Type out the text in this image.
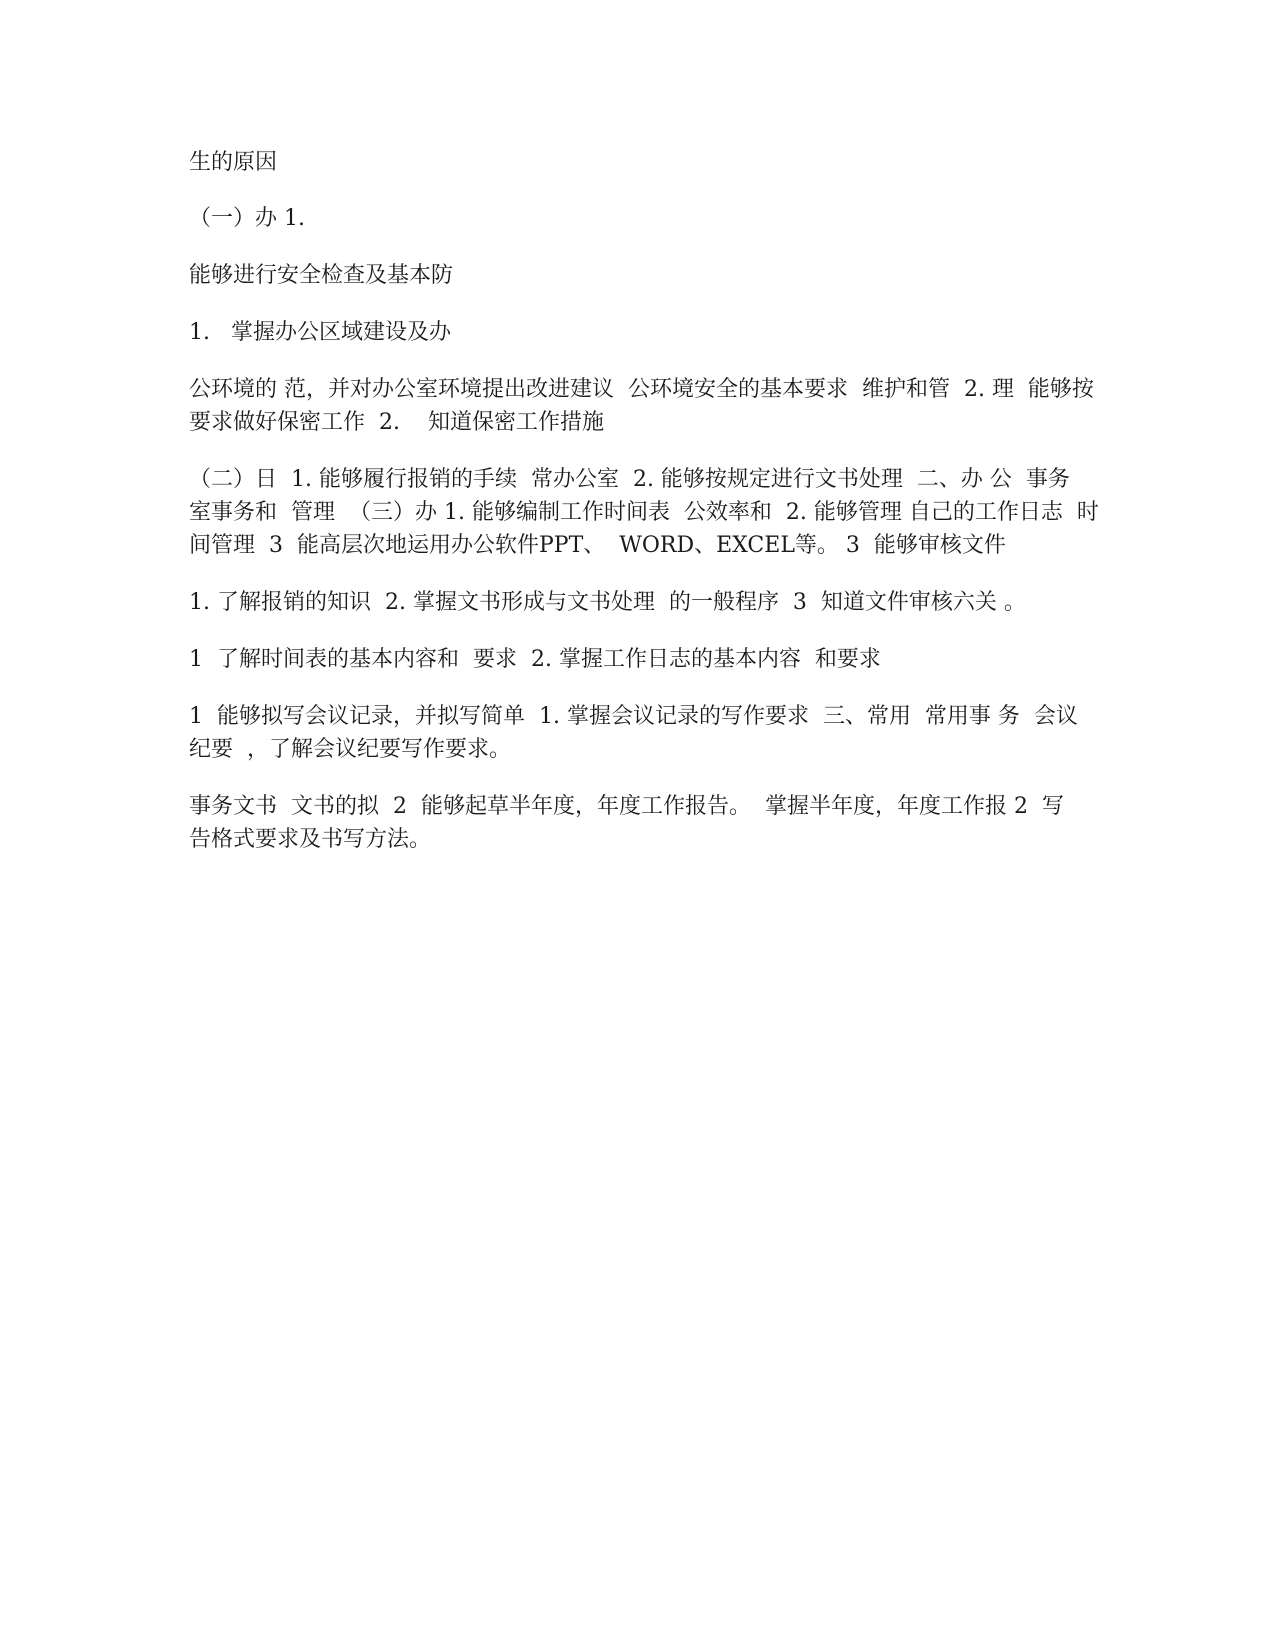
生的原因

（一）办 1.

能够进行安全检查及基本防

1.   掌握办公区域建设及办

公环境的 范，并对办公室环境提出改进建议  公环境安全的基本要求  维护和管  2. 理  能够按要求做好保密工作  2.    知道保密工作措施

（二）日  1. 能够履行报销的手续  常办公室  2. 能够按规定进行文书处理  二、办 公  事务  室事务和  管理  （三）办 1. 能够编制工作时间表  公效率和  2. 能够管理 自己的工作日志  时间管理  3  能高层次地运用办公软件PPT、  WORD、EXCEL等。 3  能够审核文件

1. 了解报销的知识  2. 掌握文书形成与文书处理  的一般程序  3  知道文件审核六关 。

1  了解时间表的基本内容和  要求  2. 掌握工作日志的基本内容  和要求

1  能够拟写会议记录，并拟写简单  1. 掌握会议记录的写作要求  三、常用  常用事 务  会议纪要  ，了解会议纪要写作要求。

事务文书  文书的拟  2  能够起草半年度，年度工作报告。  掌握半年度，年度工作报 2  写  告格式要求及书写方法。
